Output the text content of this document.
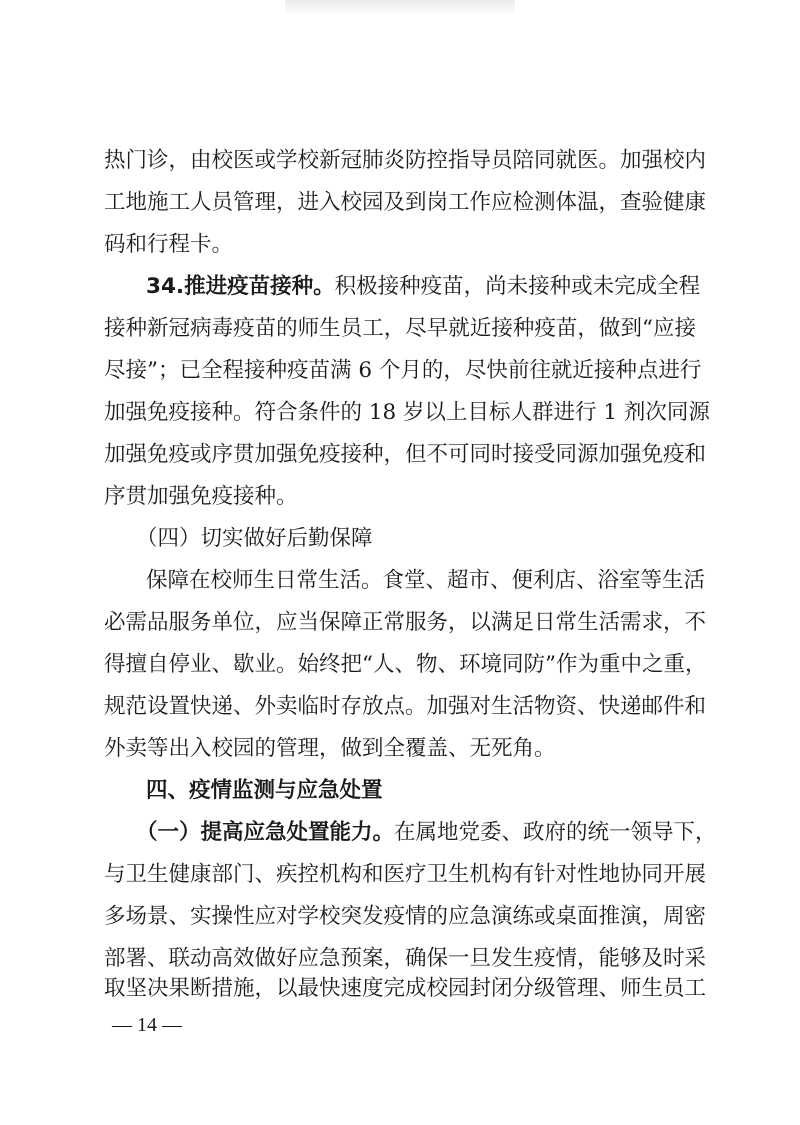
热门诊，由校医或学校新冠肺炎防控指导员陪同就医。加强校内
工地施工人员管理，进入校园及到岗工作应检测体温，查验健康
码和行程卡。
34.推进疫苗接种。积极接种疫苗，尚未接种或未完成全程
接种新冠病毒疫苗的师生员工，尽早就近接种疫苗，做到“应接
尽接”；已全程接种疫苗满 6 个月的，尽快前往就近接种点进行
加强免疫接种。符合条件的 18 岁以上目标人群进行 1 剂次同源
加强免疫或序贯加强免疫接种，但不可同时接受同源加强免疫和
序贯加强免疫接种。
（四）切实做好后勤保障
保障在校师生日常生活。食堂、超市、便利店、浴室等生活
必需品服务单位，应当保障正常服务，以满足日常生活需求，不
得擅自停业、歇业。始终把“人、物、环境同防”作为重中之重，
规范设置快递、外卖临时存放点。加强对生活物资、快递邮件和
外卖等出入校园的管理，做到全覆盖、无死角。
四、疫情监测与应急处置
（一）提高应急处置能力。在属地党委、政府的统一领导下，
与卫生健康部门、疾控机构和医疗卫生机构有针对性地协同开展
多场景、实操性应对学校突发疫情的应急演练或桌面推演，周密
部署、联动高效做好应急预案，确保一旦发生疫情，能够及时采
取坚决果断措施，以最快速度完成校园封闭分级管理、师生员工
— 14 —
